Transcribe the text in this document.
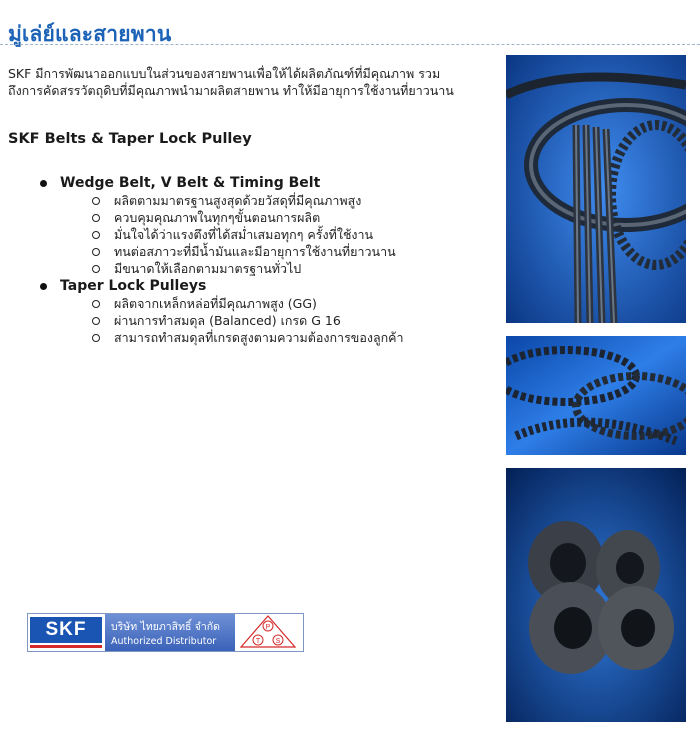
มู่เล่ย์และสายพาน
SKF มีการพัฒนาออกแบบในส่วนของสายพานเพื่อให้ได้ผลิตภัณฑ์ที่มีคุณภาพ รวม
ถึงการคัดสรรวัตถุดิบที่มีคุณภาพนำมาผลิตสายพาน ทำให้มีอายุการใช้งานที่ยาวนาน
SKF Belts & Taper Lock Pulley
Wedge Belt, V Belt & Timing Belt
ผลิตตามมาตรฐานสูงสุดด้วยวัสดุที่มีคุณภาพสูง
ควบคุมคุณภาพในทุกๆขั้นตอนการผลิต
มั่นใจได้ว่าแรงตึงที่ได้สม่ำเสมอทุกๆ ครั้งที่ใช้งาน
ทนต่อสภาวะที่มีน้ำมันและมีอายุการใช้งานที่ยาวนาน
มีขนาดให้เลือกตามมาตรฐานทั่วไป
Taper Lock Pulleys
ผลิตจากเหล็กหล่อที่มีคุณภาพสูง (GG)
ผ่านการทำสมดุล (Balanced) เกรด G 16
สามารถทำสมดุลที่เกรดสูงตามความต้องการของลูกค้า
SKF	บริษัท ไทยภาสิทธิ์ จำกัด
Authorized Distributor
P
T S
